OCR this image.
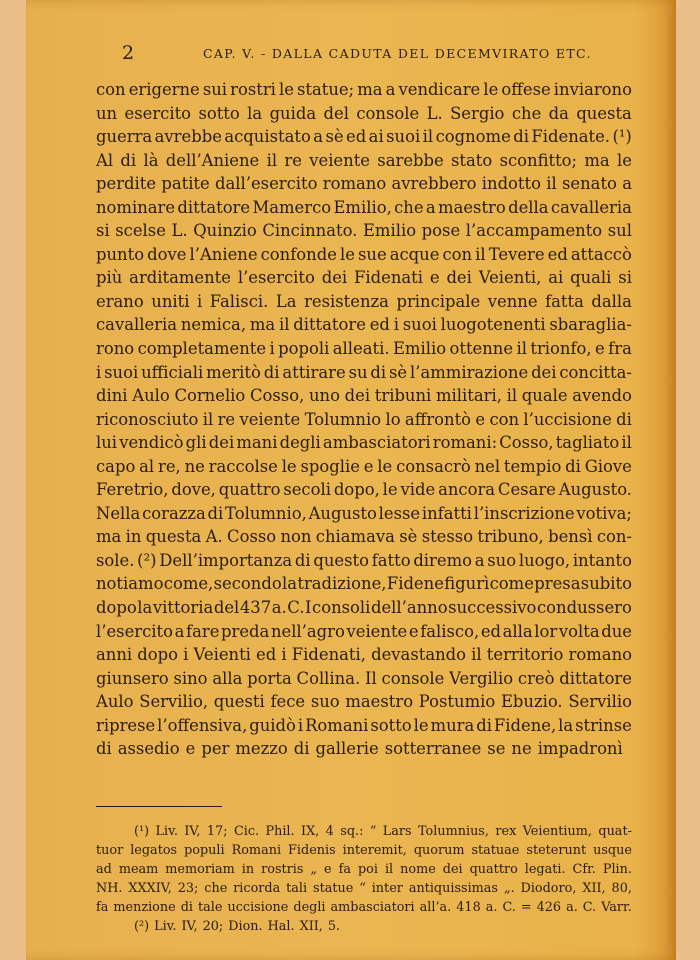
2	CAP. V. - DALLA CADUTA DEL DECEMVIRATO ETC.
con erigerne sui rostri le statue; ma a vendicare le offese inviarono
un esercito sotto la guida del console L. Sergio che da questa
guerra avrebbe acquistato a sè ed ai suoi il cognome di Fidenate. (¹)
Al di là dell’Aniene il re veiente sarebbe stato sconfitto; ma le
perdite patite dall’esercito romano avrebbero indotto il senato a
nominare dittatore Mamerco Emilio, che a maestro della cavalleria
si scelse L. Quinzio Cincinnato. Emilio pose l’accampamento sul
punto dove l’Aniene confonde le sue acque con il Tevere ed attaccò
più arditamente l’esercito dei Fidenati e dei Veienti, ai quali si
erano uniti i Falisci. La resistenza principale venne fatta dalla
cavalleria nemica, ma il dittatore ed i suoi luogotenenti sbaraglia-
rono completamente i popoli alleati. Emilio ottenne il trionfo, e fra
i suoi ufficiali meritò di attirare su di sè l’ammirazione dei concitta-
dini Aulo Cornelio Cosso, uno dei tribuni militari, il quale avendo
riconosciuto il re veiente Tolumnio lo affrontò e con l’uccisione di
lui vendicò gli dei mani degli ambasciatori romani: Cosso, tagliato il
capo al re, ne raccolse le spoglie e le consacrò nel tempio di Giove
Feretrio, dove, quattro secoli dopo, le vide ancora Cesare Augusto.
Nella corazza di Tolumnio, Augusto lesse infatti l’inscrizione votiva;
ma in questa A. Cosso non chiamava sè stesso tribuno, bensì con-
sole. (²) Dell’importanza di questo fatto diremo a suo luogo, intanto
notiamo come, secondo la tradizione, Fidene figurì come presa subito
dopo la vittoria del 437 a. C. I consoli dell’anno successivo condussero
l’esercito a fare preda nell’agro veiente e falisco, ed alla lor volta due
anni dopo i Veienti ed i Fidenati, devastando il territorio romano
giunsero sino alla porta Collina. Il console Vergilio creò dittatore
Aulo Servilio, questi fece suo maestro Postumio Ebuzio. Servilio
riprese l’offensiva, guidò i Romani sotto le mura di Fidene, la strinse
di assedio e per mezzo di gallerie sotterranee se ne impadronì
(¹) Liv. IV, 17; Cic. Phil. IX, 4 sq.: “ Lars Tolumnius, rex Veientium, quat-
tuor legatos populi Romani Fidenis interemit, quorum statuae steterunt usque
ad meam memoriam in rostris „ e fa poi il nome dei quattro legati. Cfr. Plin.
NH. XXXIV, 23; che ricorda tali statue “ inter antiquissimas „. Diodoro, XII, 80,
fa menzione di tale uccisione degli ambasciatori all’a. 418 a. C. = 426 a. C. Varr.
(²) Liv. IV, 20; Dion. Hal. XII, 5.
